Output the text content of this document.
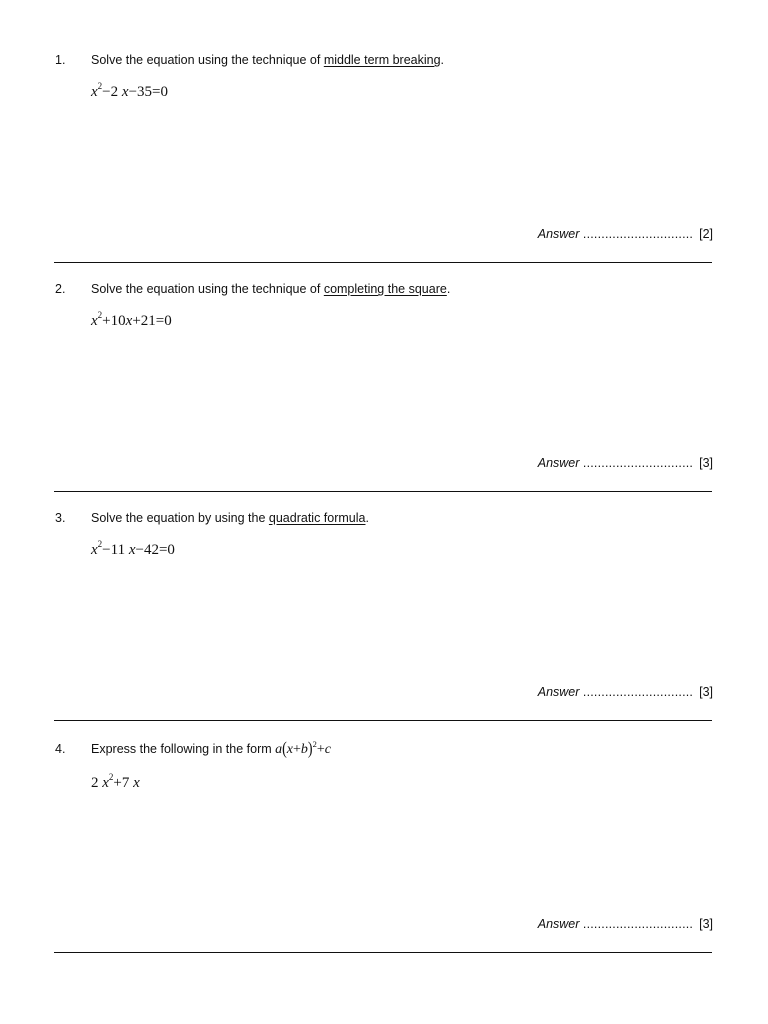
1. Solve the equation using the technique of middle term breaking.
$x^2-2$ x−35=0
Answer .............................. [2]
2. Solve the equation using the technique of completing the square.
$x^2+10x+21=0$
Answer .............................. [3]
3. Solve the equation by using the quadratic formula.
$x^2-11$ x−42=0
Answer .............................. [3]
4. Express the following in the form $a(x+b)^2+c$
2 $x^2+7$ x
Answer .............................. [3]
